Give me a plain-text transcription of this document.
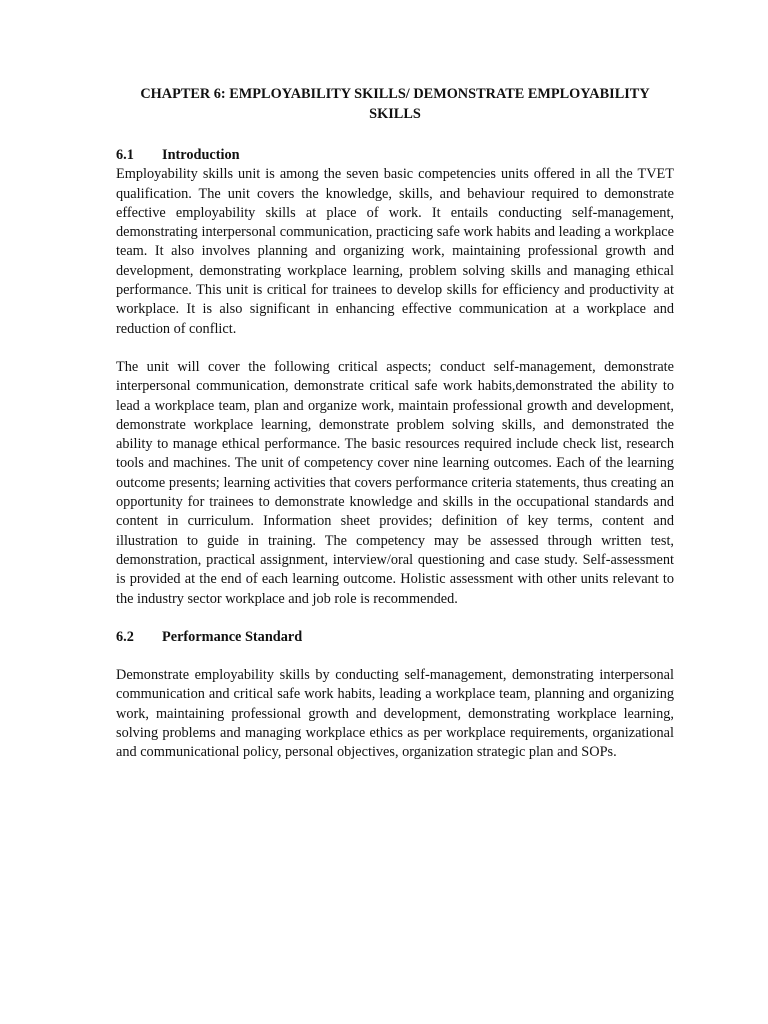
CHAPTER 6: EMPLOYABILITY SKILLS/ DEMONSTRATE EMPLOYABILITY SKILLS
6.1	Introduction

Employability skills unit is among the seven basic competencies units offered in all the TVET qualification. The unit covers the knowledge, skills, and behaviour required to demonstrate effective employability skills at place of work. It entails conducting self-management, demonstrating interpersonal communication, practicing safe work habits and leading a workplace team. It also involves planning and organizing work, maintaining professional growth and development, demonstrating workplace learning, problem solving skills and managing ethical performance. This unit is critical for trainees to develop skills for efficiency and productivity at workplace. It is also significant in enhancing effective communication at a workplace and reduction of conflict.

The unit will cover the following critical aspects; conduct self-management, demonstrate interpersonal communication, demonstrate critical safe work habits,demonstrated the ability to lead a workplace team, plan and organize work, maintain professional growth and development, demonstrate workplace learning, demonstrate problem solving skills, and demonstrated the ability to manage ethical performance. The basic resources required include check list, research tools and machines. The unit of competency cover nine learning outcomes. Each of the learning outcome presents; learning activities that covers performance criteria statements, thus creating an opportunity for trainees to demonstrate knowledge and skills in the occupational standards and content in curriculum. Information sheet provides; definition of key terms, content and illustration to guide in training. The competency may be assessed through written test, demonstration, practical assignment, interview/oral questioning and case study. Self-assessment is provided at the end of each learning outcome. Holistic assessment with other units relevant to the industry sector workplace and job role is recommended.

6.2	Performance Standard

Demonstrate employability skills by conducting self-management, demonstrating interpersonal communication and critical safe work habits, leading a workplace team, planning and organizing work, maintaining professional growth and development, demonstrating workplace learning, solving problems and managing workplace ethics as per workplace requirements, organizational and communicational policy, personal objectives, organization strategic plan and SOPs.
